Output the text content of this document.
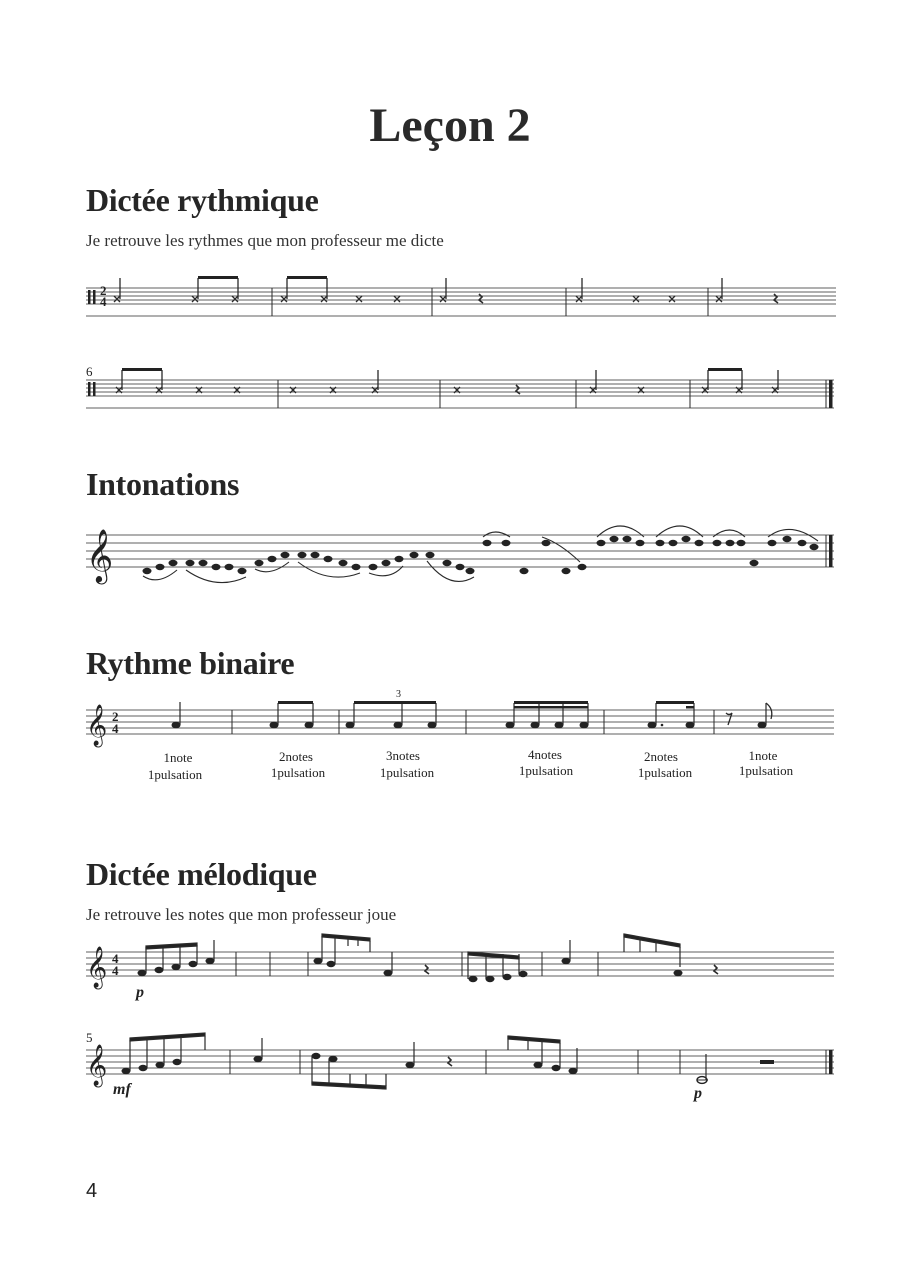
Leçon 2
Dictée rythmique

Je retrouve les rythmes que mon professeur me dicte

2
4
6
Intonations
𝄞
Rythme binaire
𝄞 2
4
3
1note
1pulsation
2notes
1pulsation
3notes
1pulsation
4notes
1pulsation
2notes
1pulsation
1note
1pulsation
Dictée mélodique

Je retrouve les notes que mon professeur joue

𝄞 4
4
p
5
𝄞
mf	p
4
